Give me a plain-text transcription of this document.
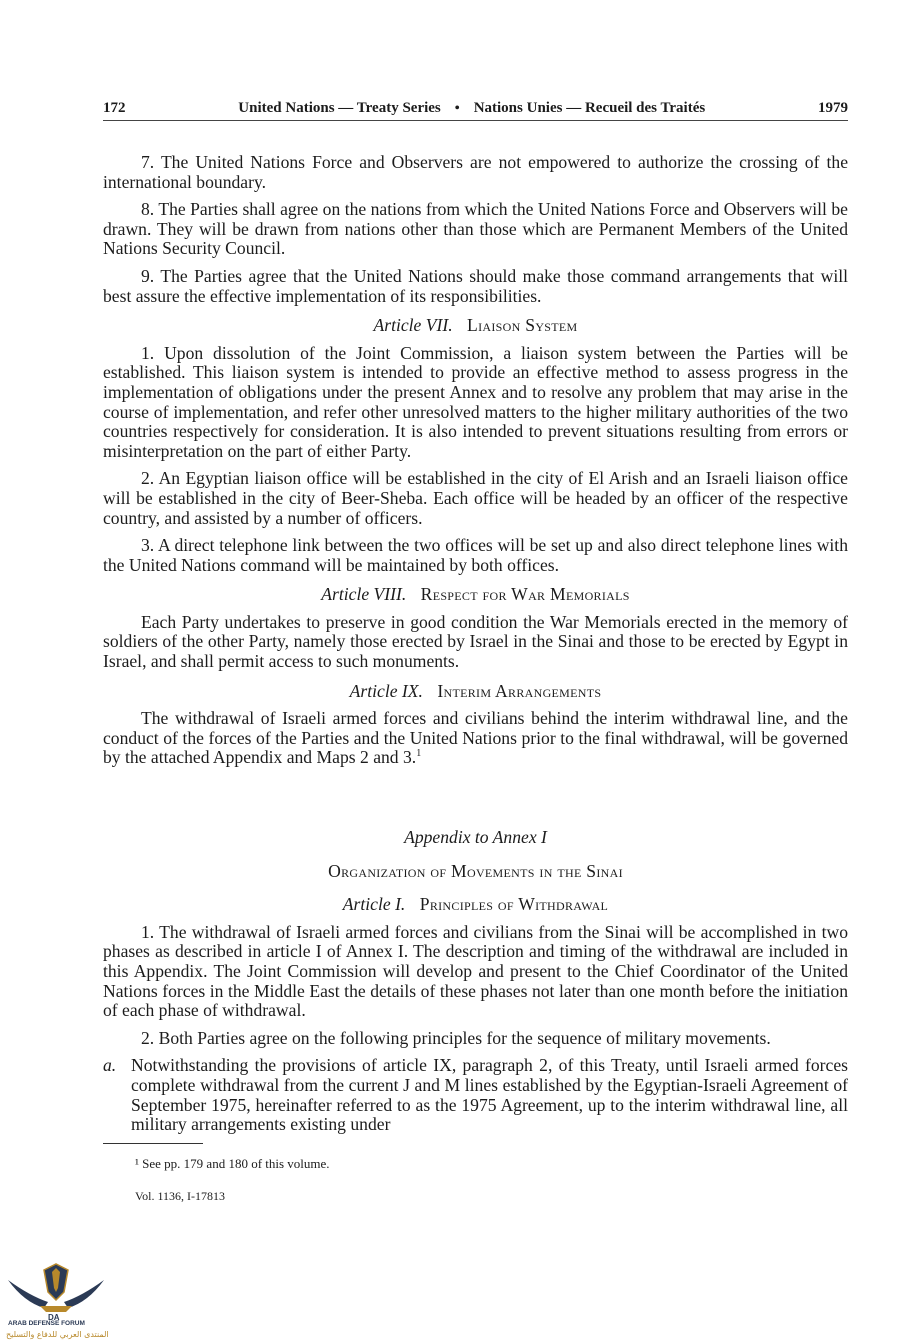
172	United Nations — Treaty Series • Nations Unies — Recueil des Traités	1979

7. The United Nations Force and Observers are not empowered to authorize the crossing of the international boundary.

8. The Parties shall agree on the nations from which the United Nations Force and Observers will be drawn. They will be drawn from nations other than those which are Permanent Members of the United Nations Security Council.

9. The Parties agree that the United Nations should make those command arrangements that will best assure the effective implementation of its responsibilities.

Article VII. Liaison System

1. Upon dissolution of the Joint Commission, a liaison system between the Parties will be established. This liaison system is intended to provide an effective method to assess progress in the implementation of obligations under the present Annex and to resolve any problem that may arise in the course of implementation, and refer other unresolved matters to the higher military authorities of the two countries respectively for consideration. It is also intended to prevent situations resulting from errors or misinterpretation on the part of either Party.

2. An Egyptian liaison office will be established in the city of El Arish and an Israeli liaison office will be established in the city of Beer-Sheba. Each office will be headed by an officer of the respective country, and assisted by a number of officers.

3. A direct telephone link between the two offices will be set up and also direct telephone lines with the United Nations command will be maintained by both offices.

Article VIII. Respect for War Memorials

Each Party undertakes to preserve in good condition the War Memorials erected in the memory of soldiers of the other Party, namely those erected by Israel in the Sinai and those to be erected by Egypt in Israel, and shall permit access to such monuments.

Article IX. Interim Arrangements

The withdrawal of Israeli armed forces and civilians behind the interim withdrawal line, and the conduct of the forces of the Parties and the United Nations prior to the final withdrawal, will be governed by the attached Appendix and Maps 2 and 3.$^1$

Appendix to Annex I
Organization of Movements in the Sinai
Article I. Principles of Withdrawal

1. The withdrawal of Israeli armed forces and civilians from the Sinai will be accomplished in two phases as described in article I of Annex I. The description and timing of the withdrawal are included in this Appendix. The Joint Commission will develop and present to the Chief Coordinator of the United Nations forces in the Middle East the details of these phases not later than one month before the initiation of each phase of withdrawal.

2. Both Parties agree on the following principles for the sequence of military movements.

a. Notwithstanding the provisions of article IX, paragraph 2, of this Treaty, until Israeli armed forces complete withdrawal from the current J and M lines established by the Egyptian-Israeli Agreement of September 1975, hereinafter referred to as the 1975 Agreement, up to the interim withdrawal line, all military arrangements existing under
¹ See pp. 179 and 180 of this volume.
Vol. 1136, I-17813
DA
ARAB DEFENSE FORUM
المنتدى العربي للدفاع والتسليح
